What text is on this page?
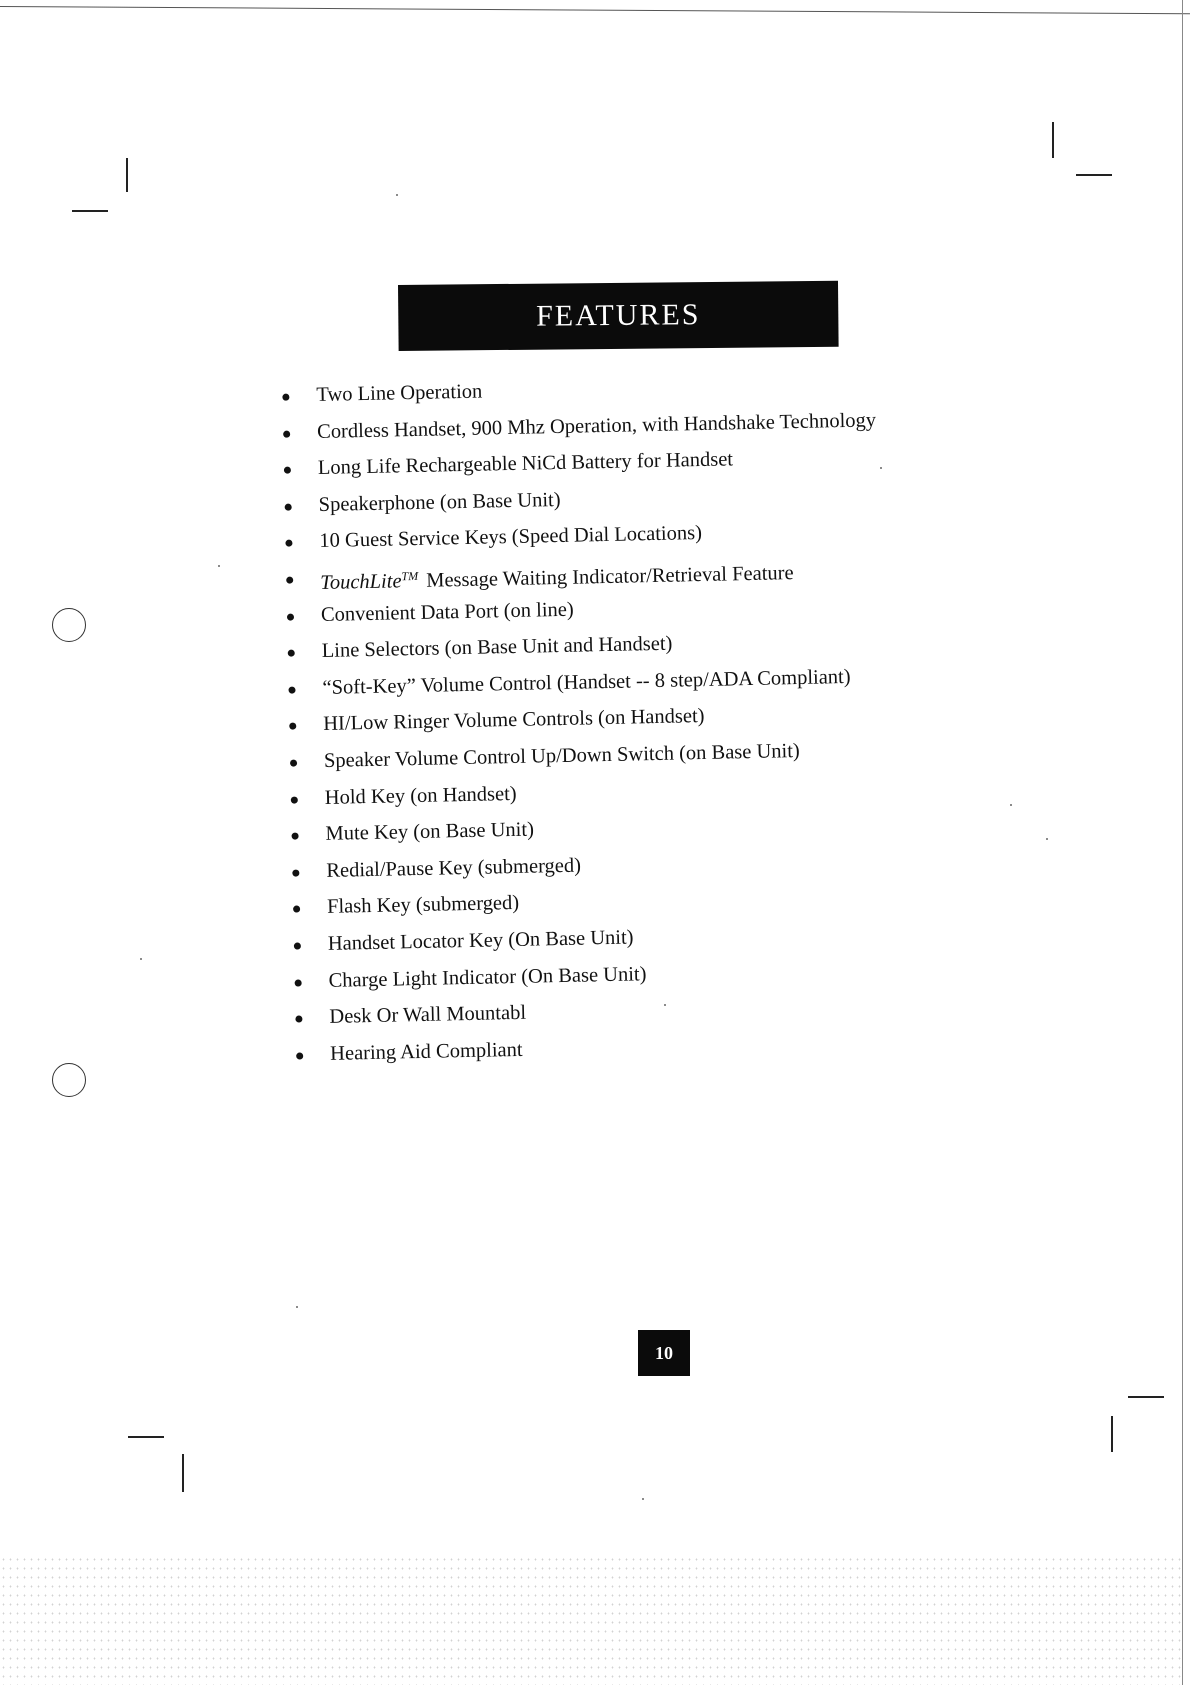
FEATURES
Two Line Operation
Cordless Handset, 900 Mhz Operation, with Handshake Technology
Long Life Rechargeable NiCd Battery for Handset
Speakerphone (on Base Unit)
10 Guest Service Keys (Speed Dial Locations)
TouchLite™ Message Waiting Indicator/Retrieval Feature
Convenient Data Port (on line)
Line Selectors (on Base Unit and Handset)
“Soft-Key” Volume Control (Handset -- 8 step/ADA Compliant)
HI/Low Ringer Volume Controls (on Handset)
Speaker Volume Control Up/Down Switch (on Base Unit)
Hold Key (on Handset)
Mute Key (on Base Unit)
Redial/Pause Key (submerged)
Flash Key (submerged)
Handset Locator Key (On Base Unit)
Charge Light Indicator (On Base Unit)
Desk Or Wall Mountabl
Hearing Aid Compliant
10
